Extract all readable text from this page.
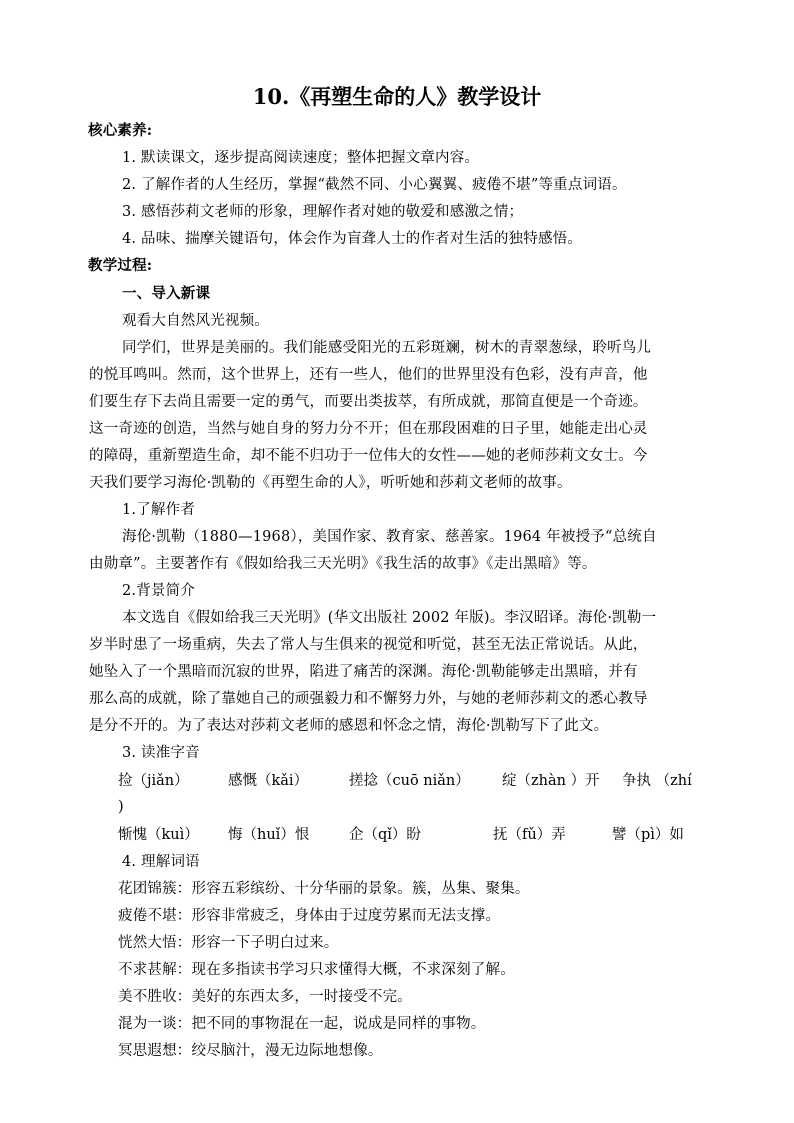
10.《再塑生命的人》教学设计
核心素养:
1. 默读课文，逐步提高阅读速度；整体把握文章内容。
2. 了解作者的人生经历，掌握“截然不同、小心翼翼、疲倦不堪”等重点词语。
3. 感悟莎莉文老师的形象，理解作者对她的敬爱和感激之情；
4. 品味、揣摩关键语句，体会作为盲聋人士的作者对生活的独特感悟。
教学过程:
一、导入新课
观看大自然风光视频。
同学们，世界是美丽的。我们能感受阳光的五彩斑斓，树木的青翠葱绿，聆听鸟儿
的悦耳鸣叫。然而，这个世界上，还有一些人，他们的世界里没有色彩，没有声音，他
们要生存下去尚且需要一定的勇气，而要出类拔萃，有所成就，那简直便是一个奇迹。
这一奇迹的创造，当然与她自身的努力分不开；但在那段困难的日子里，她能走出心灵
的障碍，重新塑造生命，却不能不归功于一位伟大的女性——她的老师莎莉文女士。今
天我们要学习海伦·凯勒的《再塑生命的人》，听听她和莎莉文老师的故事。
1.了解作者
海伦·凯勒（1880—1968），美国作家、教育家、慈善家。1964 年被授予“总统自
由勋章”。主要著作有《假如给我三天光明》《我生活的故事》《走出黑暗》等。
2.背景简介
本文选自《假如给我三天光明》(华文出版社 2002 年版)。李汉昭译。海伦·凯勒一
岁半时患了一场重病，失去了常人与生俱来的视觉和听觉，甚至无法正常说话。从此，
她坠入了一个黑暗而沉寂的世界，陷进了痛苦的深渊。海伦·凯勒能够走出黑暗，并有
那么高的成就，除了靠她自己的顽强毅力和不懈努力外，与她的老师莎莉文的悉心教导
是分不开的。为了表达对莎莉文老师的感恩和怀念之情，海伦·凯勒写下了此文。
3. 读准字音
捡（jiǎn）	感慨（kǎi）	搓捻（cuō niǎn） 绽（zhàn ）开 争执 （zhí
)
惭愧（kuì） 悔（huǐ）恨	企（qǐ）盼	抚（fǔ）弄	譬（pì）如
4. 理解词语
花团锦簇：形容五彩缤纷、十分华丽的景象。簇，丛集、聚集。
疲倦不堪：形容非常疲乏，身体由于过度劳累而无法支撑。
恍然大悟：形容一下子明白过来。
不求甚解：现在多指读书学习只求懂得大概，不求深刻了解。
美不胜收：美好的东西太多，一时接受不完。
混为一谈：把不同的事物混在一起，说成是同样的事物。
冥思遐想：绞尽脑汁，漫无边际地想像。
